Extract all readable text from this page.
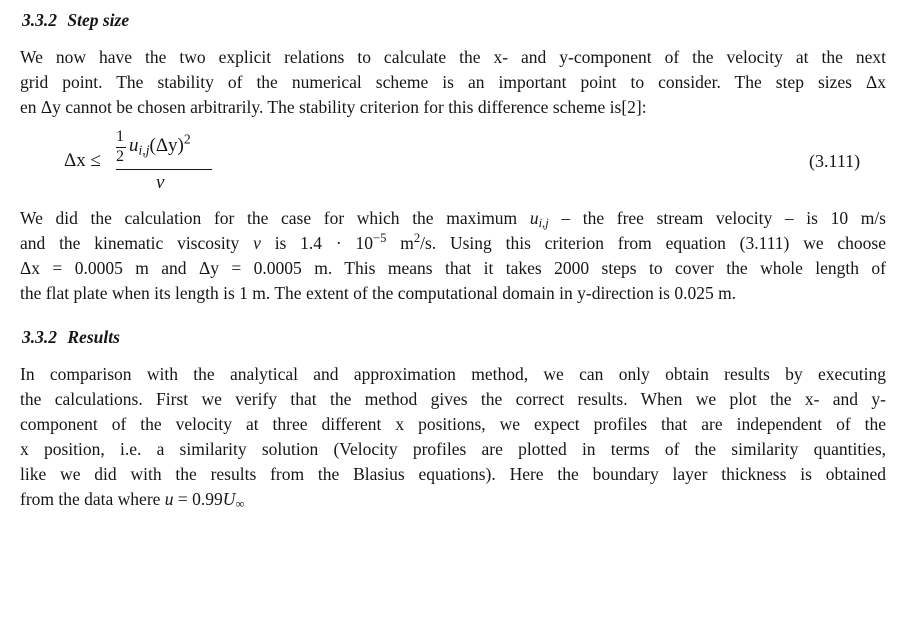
3.3.2 Step size
We now have the two explicit relations to calculate the x- and y-component of the velocity at the next
grid point. The stability of the numerical scheme is an important point to consider. The step sizes Δx
en Δy cannot be chosen arbitrarily. The stability criterion for this difference scheme is[2]:
Δx ≤
1
2
$u_{i,j}(\Delta y)^2$
ν
(3.111)
We did the calculation for the case for which the maximum $u_{i,j}$ – the free stream velocity – is 10 m/s
and the kinematic viscosity ν is $1.4 \cdot 10^{-5}$ $m^2/s$. Using this criterion from equation (3.111) we choose
Δx = 0.0005 m and Δy = 0.0005 m. This means that it takes 2000 steps to cover the whole length of
the flat plate when its length is 1 m. The extent of the computational domain in y-direction is 0.025 m.
3.3.2 Results
In comparison with the analytical and approximation method, we can only obtain results by executing
the calculations. First we verify that the method gives the correct results. When we plot the x- and y-
component of the velocity at three different x positions, we expect profiles that are independent of the
x position, i.e. a similarity solution (Velocity profiles are plotted in terms of the similarity quantities,
like we did with the results from the Blasius equations). Here the boundary layer thickness is obtained
from the data where $u = 0.99U_\infty$
